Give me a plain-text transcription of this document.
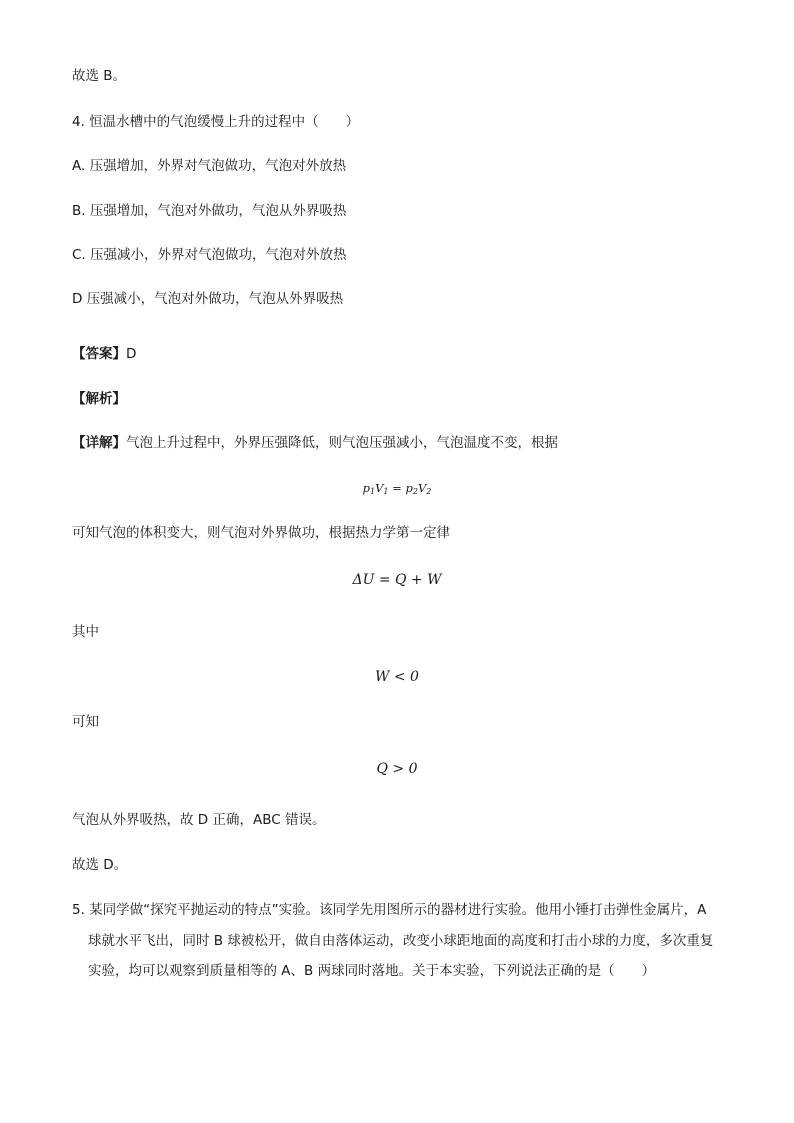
故选 B。
4. 恒温水槽中的气泡缓慢上升的过程中（　　）
A. 压强增加，外界对气泡做功，气泡对外放热
B. 压强增加，气泡对外做功，气泡从外界吸热
C. 压强减小，外界对气泡做功，气泡对外放热
D 压强减小，气泡对外做功，气泡从外界吸热
【答案】D
【解析】
【详解】气泡上升过程中，外界压强降低，则气泡压强减小，气泡温度不变，根据
$p_1V_1 = p_2V_2$
可知气泡的体积变大，则气泡对外界做功，根据热力学第一定律
ΔU = Q + W
其中
W < 0
可知
Q > 0
气泡从外界吸热，故 D 正确，ABC 错误。
故选 D。
5. 某同学做“探究平抛运动的特点”实验。该同学先用图所示的器材进行实验。他用小锤打击弹性金属片，A
球就水平飞出，同时 B 球被松开，做自由落体运动，改变小球距地面的高度和打击小球的力度，多次重复
实验，均可以观察到质量相等的 A、B 两球同时落地。关于本实验，下列说法正确的是（　　）
